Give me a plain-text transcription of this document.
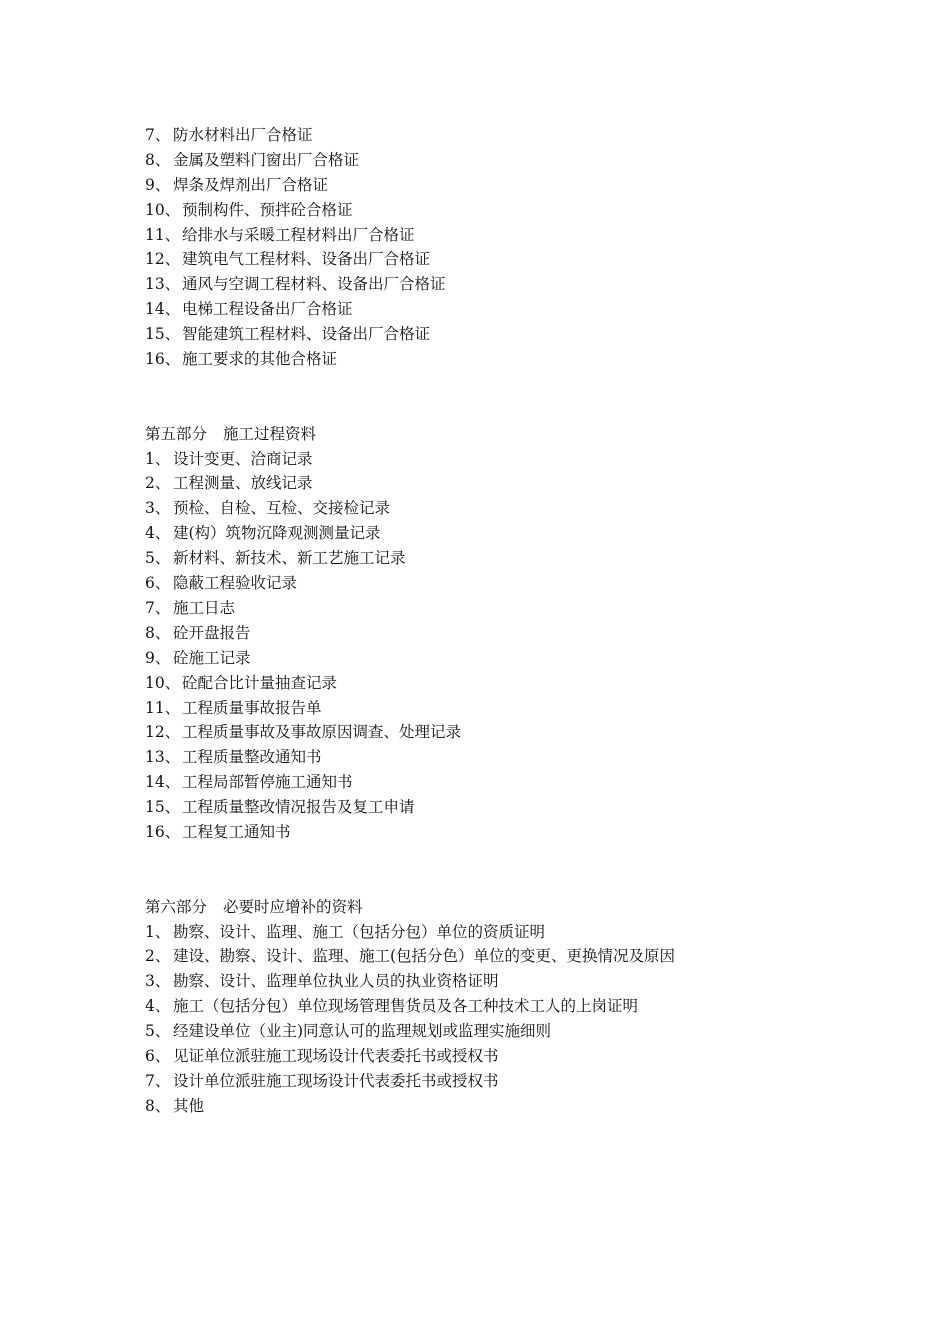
7、 防水材料出厂合格证
8、 金属及塑料门窗出厂合格证
9、 焊条及焊剂出厂合格证
10、 预制构件、预拌砼合格证
11、 给排水与采暖工程材料出厂合格证
12、 建筑电气工程材料、设备出厂合格证
13、 通风与空调工程材料、设备出厂合格证
14、 电梯工程设备出厂合格证
15、 智能建筑工程材料、设备出厂合格证
16、 施工要求的其他合格证
第五部分 施工过程资料
1、 设计变更、洽商记录
2、 工程测量、放线记录
3、 预检、自检、互检、交接检记录
4、 建(构）筑物沉降观测测量记录
5、 新材料、新技术、新工艺施工记录
6、 隐蔽工程验收记录
7、 施工日志
8、 砼开盘报告
9、 砼施工记录
10、 砼配合比计量抽查记录
11、 工程质量事故报告单
12、 工程质量事故及事故原因调查、处理记录
13、 工程质量整改通知书
14、 工程局部暂停施工通知书
15、 工程质量整改情况报告及复工申请
16、 工程复工通知书
第六部分 必要时应增补的资料
1、 勘察、设计、监理、施工（包括分包）单位的资质证明
2、 建设、勘察、设计、监理、施工(包括分色）单位的变更、更换情况及原因
3、 勘察、设计、监理单位执业人员的执业资格证明
4、 施工（包括分包）单位现场管理售货员及各工种技术工人的上岗证明
5、 经建设单位（业主)同意认可的监理规划或监理实施细则
6、 见证单位派驻施工现场设计代表委托书或授权书
7、 设计单位派驻施工现场设计代表委托书或授权书
8、 其他
